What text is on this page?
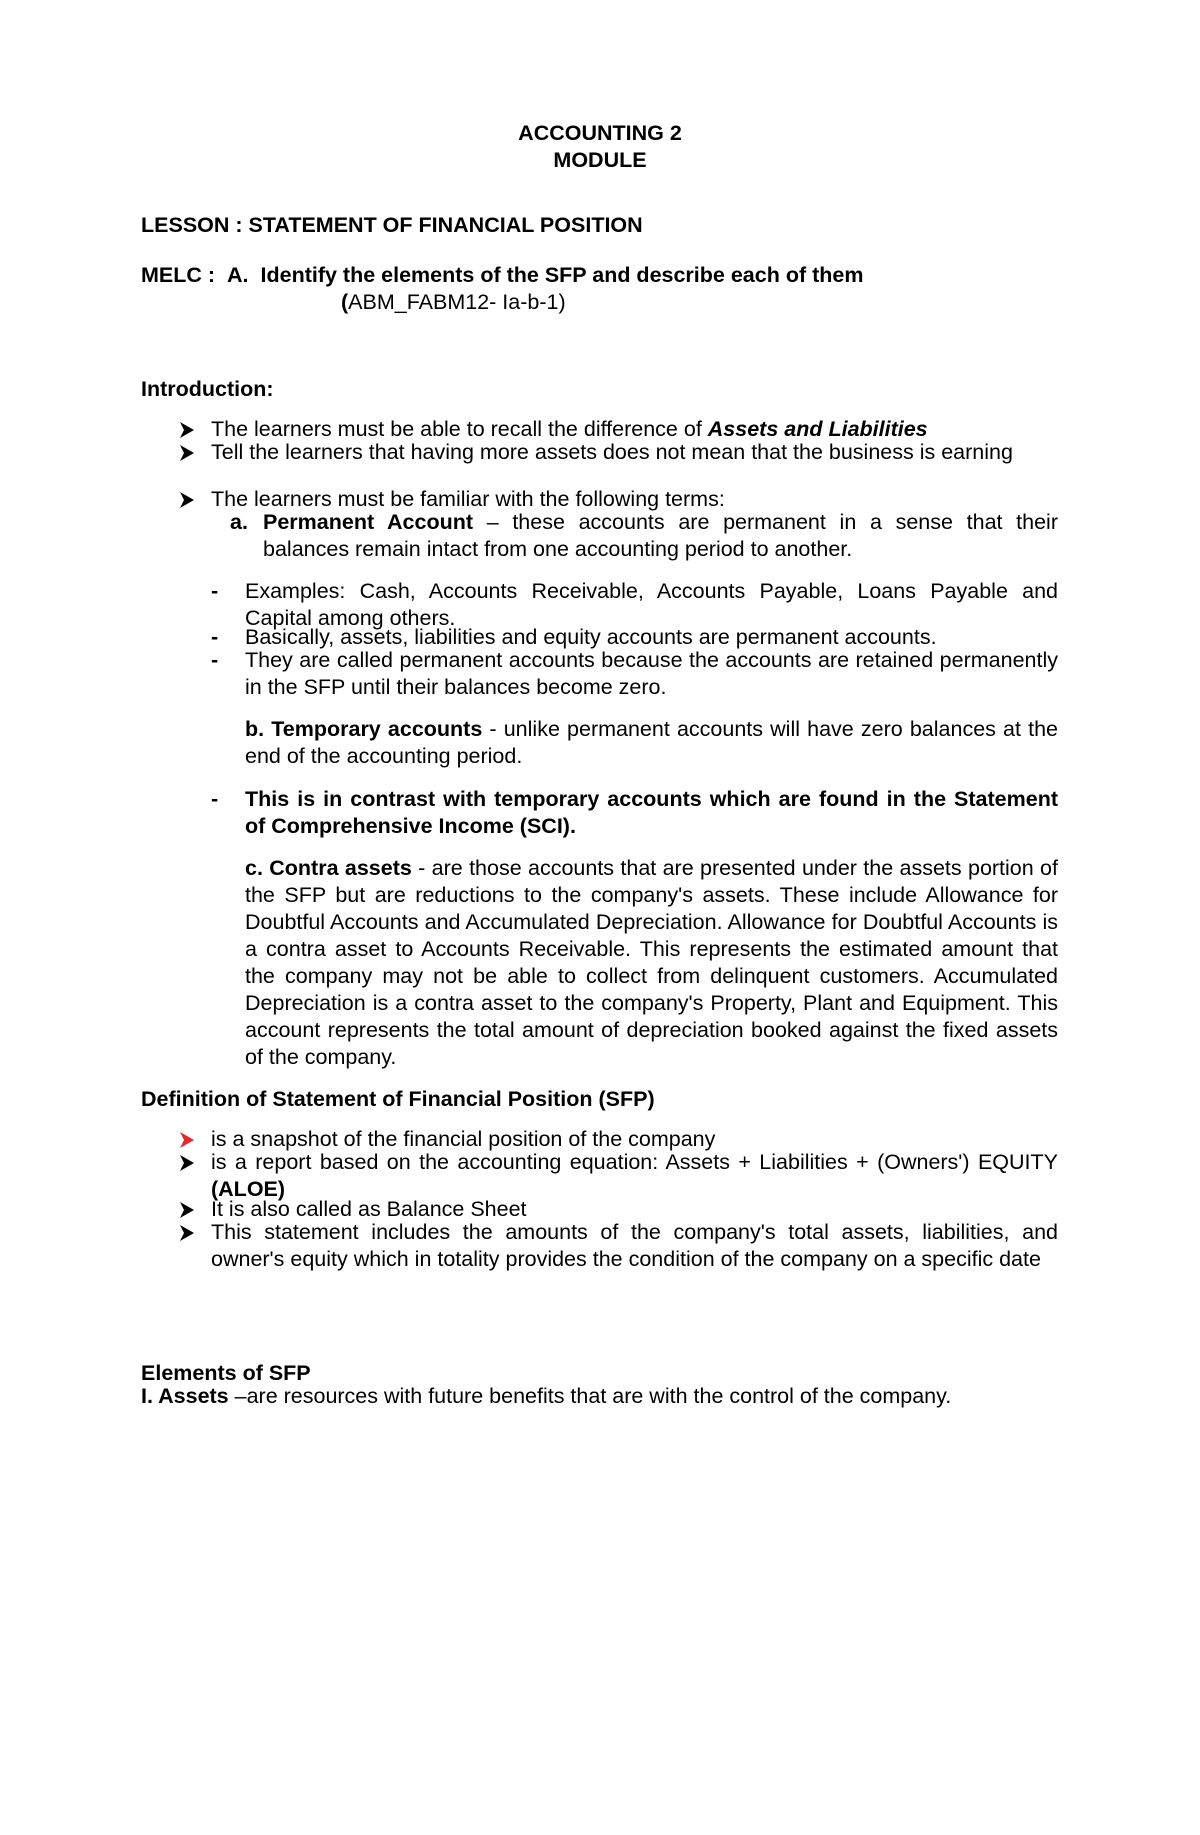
ACCOUNTING 2
MODULE
LESSON : STATEMENT OF FINANCIAL POSITION
MELC : A. Identify the elements of the SFP and describe each of them
(ABM_FABM12- Ia-b-1)
Introduction:
The learners must be able to recall the difference of Assets and Liabilities

Tell the learners that having more assets does not mean that the business is earning

The learners must be familiar with the following terms:
a. Permanent Account – these accounts are permanent in a sense that their balances remain intact from one accounting period to another.

- Examples: Cash, Accounts Receivable, Accounts Payable, Loans Payable and Capital among others.

- Basically, assets, liabilities and equity accounts are permanent accounts.

- They are called permanent accounts because the accounts are retained permanently in the SFP until their balances become zero.

b. Temporary accounts - unlike permanent accounts will have zero balances at the end of the accounting period.

- This is in contrast with temporary accounts which are found in the Statement of Comprehensive Income (SCI).

c. Contra assets - are those accounts that are presented under the assets portion of the SFP but are reductions to the company's assets. These include Allowance for Doubtful Accounts and Accumulated Depreciation. Allowance for Doubtful Accounts is a contra asset to Accounts Receivable. This represents the estimated amount that the company may not be able to collect from delinquent customers. Accumulated Depreciation is a contra asset to the company's Property, Plant and Equipment. This account represents the total amount of depreciation booked against the fixed assets of the company.

Definition of Statement of Financial Position (SFP)
is a snapshot of the financial position of the company

is a report based on the accounting equation: Assets + Liabilities + (Owners') EQUITY (ALOE)

It is also called as Balance Sheet

This statement includes the amounts of the company's total assets, liabilities, and owner's equity which in totality provides the condition of the company on a specific date

Elements of SFP
I. Assets –are resources with future benefits that are with the control of the company.
